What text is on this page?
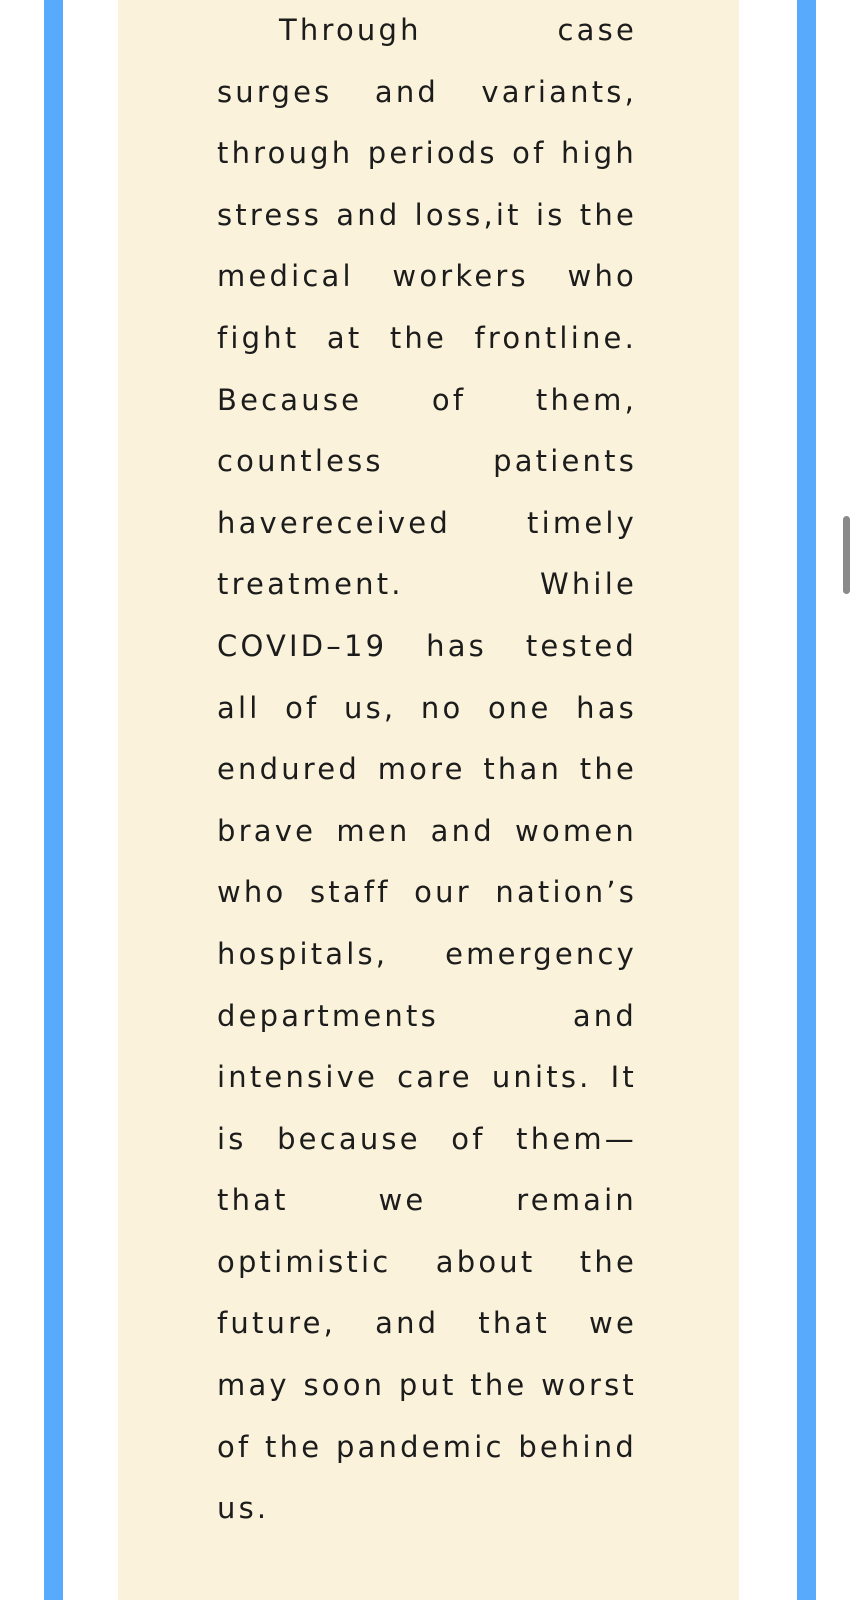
Through case surges and variants, through periods of high stress and loss,it is the medical workers who fight at the frontline. Because of them, countless patients havereceived timely treatment. While COVID–19 has tested all of us, no one has endured more than the brave men and women who staff our nation’s hospitals, emergency departments and intensive care units. It is because of them— that we remain optimistic about the future, and that we may soon put the worst of the pandemic behind us.
